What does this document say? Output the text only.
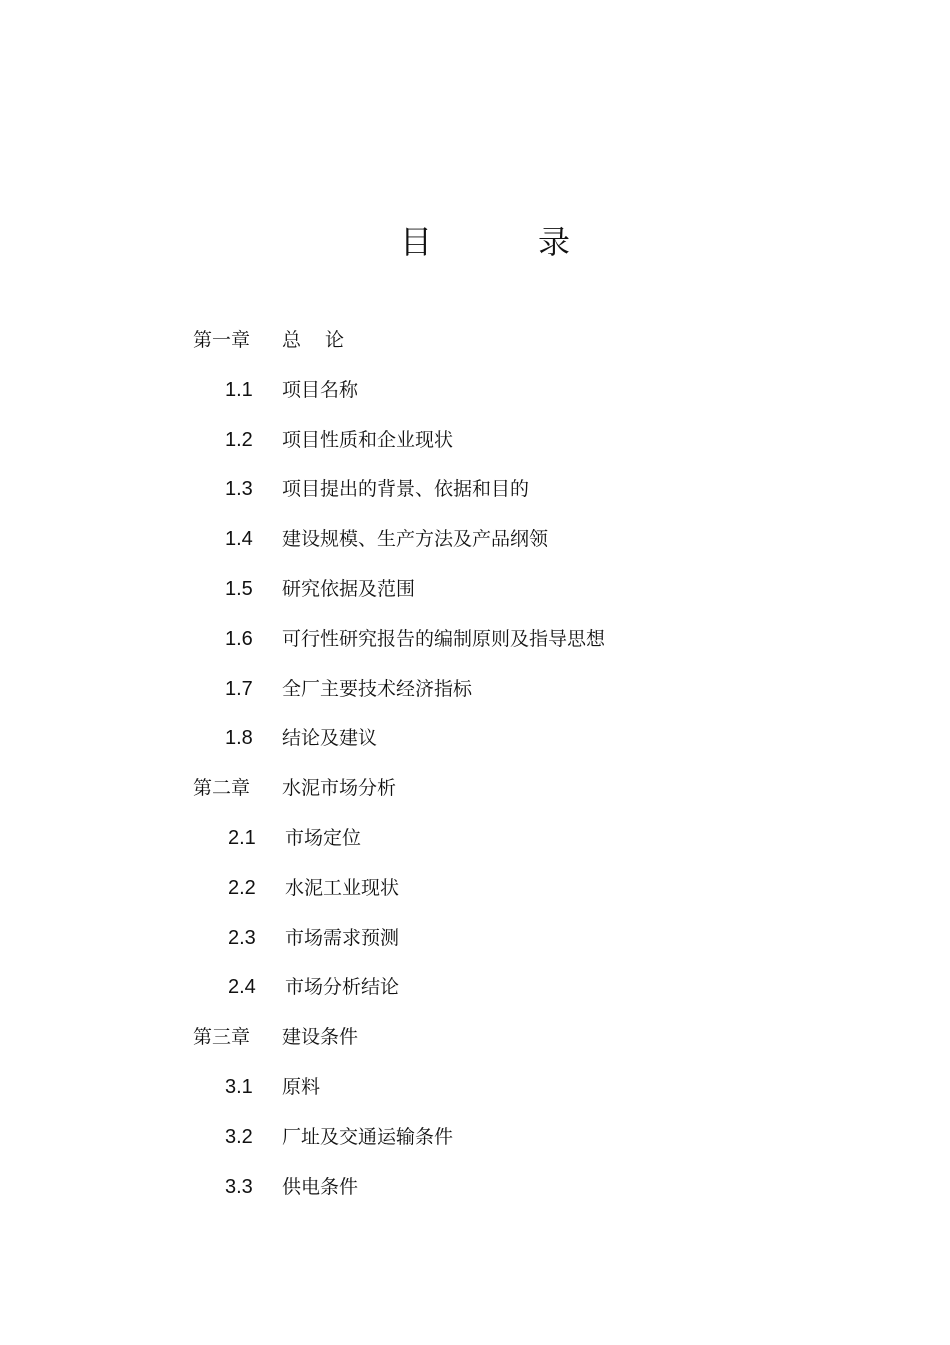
目	录
第一章 总论
1.1 项目名称
1.2 项目性质和企业现状
1.3 项目提出的背景、依据和目的
1.4 建设规模、生产方法及产品纲领
1.5 研究依据及范围
1.6 可行性研究报告的编制原则及指导思想
1.7 全厂主要技术经济指标
1.8 结论及建议
第二章 水泥市场分析
2.1 市场定位
2.2 水泥工业现状
2.3 市场需求预测
2.4 市场分析结论
第三章 建设条件
3.1 原料
3.2 厂址及交通运输条件
3.3 供电条件
